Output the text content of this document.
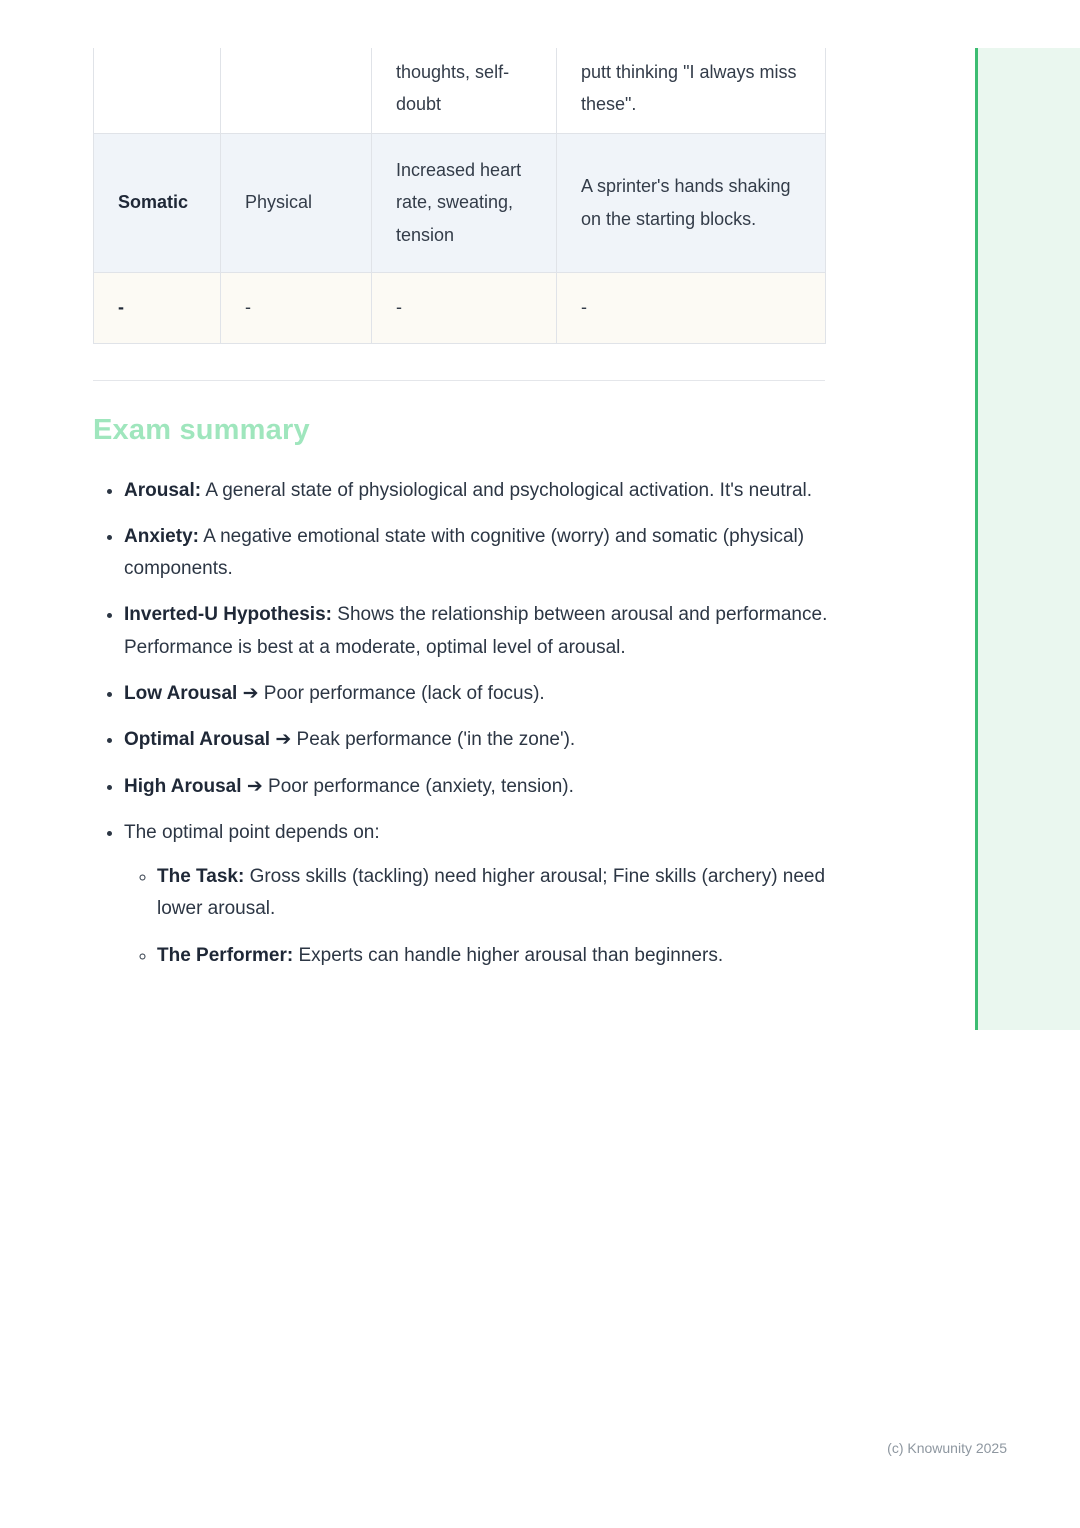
		thoughts, self-doubt	putt thinking "I always miss these".
Somatic	Physical	Increased heart rate, sweating, tension	A sprinter's hands shaking on the starting blocks.
-	-	-	-
Exam summary
• Arousal: A general state of physiological and psychological activation. It's neutral.
• Anxiety: A negative emotional state with cognitive (worry) and somatic (physical) components.
• Inverted-U Hypothesis: Shows the relationship between arousal and performance. Performance is best at a moderate, optimal level of arousal.
• Low Arousal ➔ Poor performance (lack of focus).
• Optimal Arousal ➔ Peak performance ('in the zone').
• High Arousal ➔ Poor performance (anxiety, tension).
• The optimal point depends on:
◦ The Task: Gross skills (tackling) need higher arousal; Fine skills (archery) need lower arousal.
◦ The Performer: Experts can handle higher arousal than beginners.
(c) Knowunity 2025
